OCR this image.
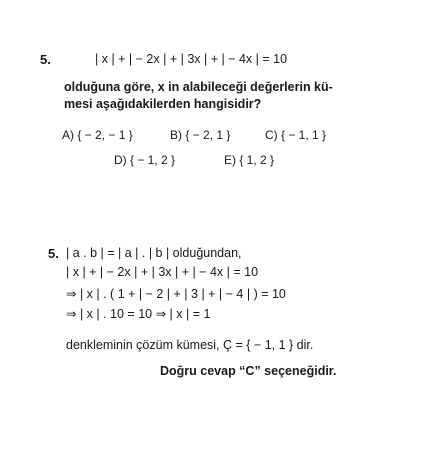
5.	| x | + | − 2x | + | 3x | + | − 4x | = 10
olduğuna göre, x in alabileceği değerlerin kü-
mesi aşağıdakilerden hangisidir?
A) { − 2, − 1 }	B) { − 2, 1 }	C) { − 1, 1 }
D) { − 1, 2 }	E) { 1, 2 }
5. | a . b | = | a | . | b | olduğundan,
| x | + | − 2x | + | 3x | + | − 4x | = 10
⇒ | x | . ( 1 + | − 2 | + | 3 | + | − 4 | ) = 10
⇒ | x | . 10 = 10 ⇒ | x | = 1
denkleminin çözüm kümesi, Ç = { − 1, 1 } dir.
Doğru cevap “C” seçeneğidir.
